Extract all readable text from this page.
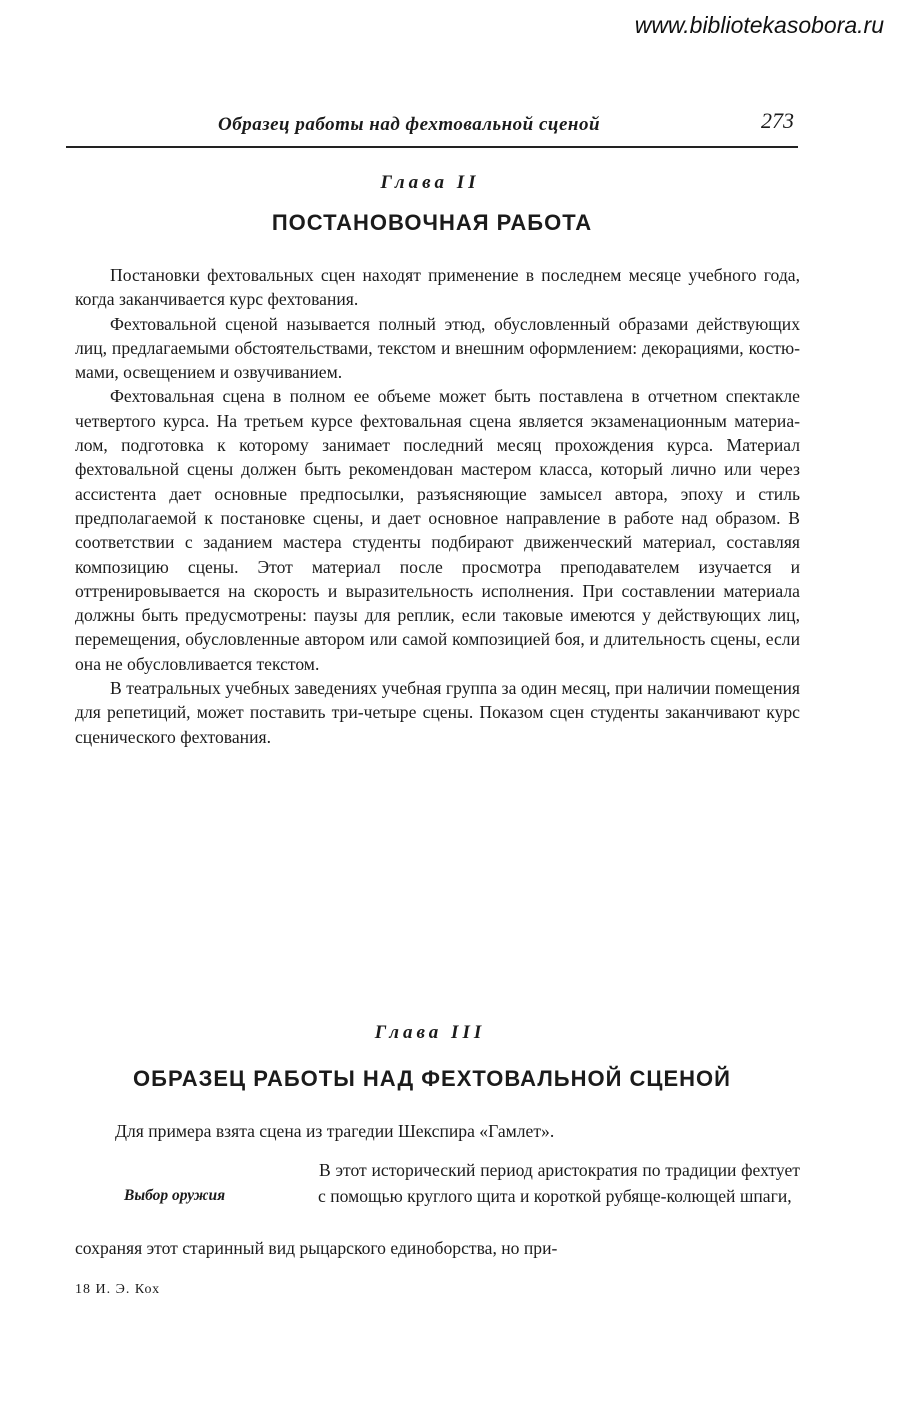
www.bibliotekasobora.ru
Образец работы над фехтовальной сценой	273
Глава II
ПОСТАНОВОЧНАЯ РАБОТА

Постановки фехтовальных сцен находят применение в последнем месяце учебного года, когда заканчивается курс фехтования.

Фехтовальной сценой называется полный этюд, обусловленный образами действующих лиц, предлагаемыми обстоятельствами, текстом и внешним оформлением: декорациями, костюмами, освещением и озвучиванием.

Фехтовальная сцена в полном ее объеме может быть поставлена в отчетном спектакле четвертого курса. На третьем курсе фехтовальная сцена является экзаменационным материалом, подготовка к которому занимает последний месяц прохождения курса. Материал фехтовальной сцены должен быть рекомендован мастером класса, который лично или через ассистента дает основные предпосылки, разъясняющие замысел автора, эпоху и стиль предполагаемой к постановке сцены, и дает основное направление в работе над образом. В соответствии с заданием мастера студенты подбирают движенческий материал, составляя композицию сцены. Этот материал после просмотра преподавателем изучается и оттренировывается на скорость и выразительность исполнения. При составлении материала должны быть предусмотрены: паузы для реплик, если таковые имеются у действующих лиц, перемещения, обусловленные автором или самой композицией боя, и длительность сцены, если она не обусловливается текстом.

В театральных учебных заведениях учебная группа за один месяц, при наличии помещения для репетиций, может поставить три-четыре сцены. Показом сцен студенты заканчивают курс сценического фехтования.

Глава III
ОБРАЗЕЦ РАБОТЫ НАД ФЕХТОВАЛЬНОЙ СЦЕНОЙ

Для примера взята сцена из трагедии Шекспира «Гамлет».

Выбор оружия

В этот исторический период аристократия по традиции фехтует с помощью круглого щита и короткой рубяще-колющей шпаги,

сохраняя этот старинный вид рыцарского единоборства, но при-

18 И. Э. Кох
